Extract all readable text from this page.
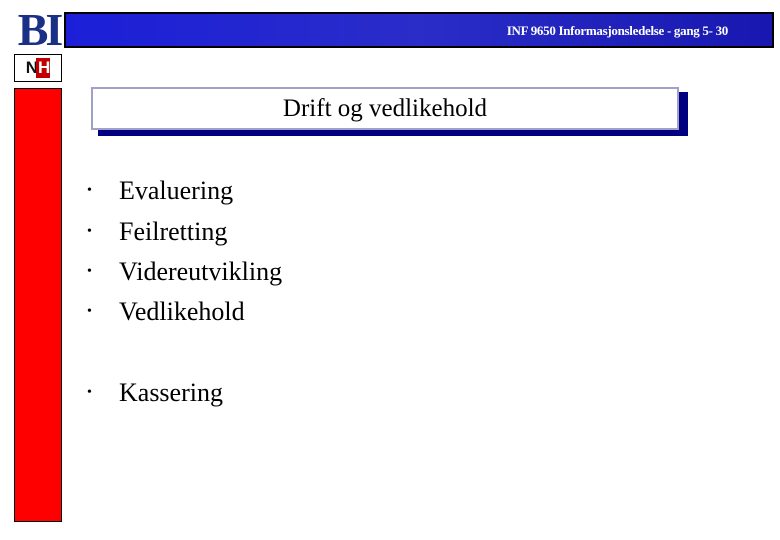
BI	INF 9650 Informasjonsledelse - gang 5- 30
N H
Drift og vedlikehold
•	Evaluering
•	Feilretting
•	Videreutvikling
•	Vedlikehold
•	Kassering
